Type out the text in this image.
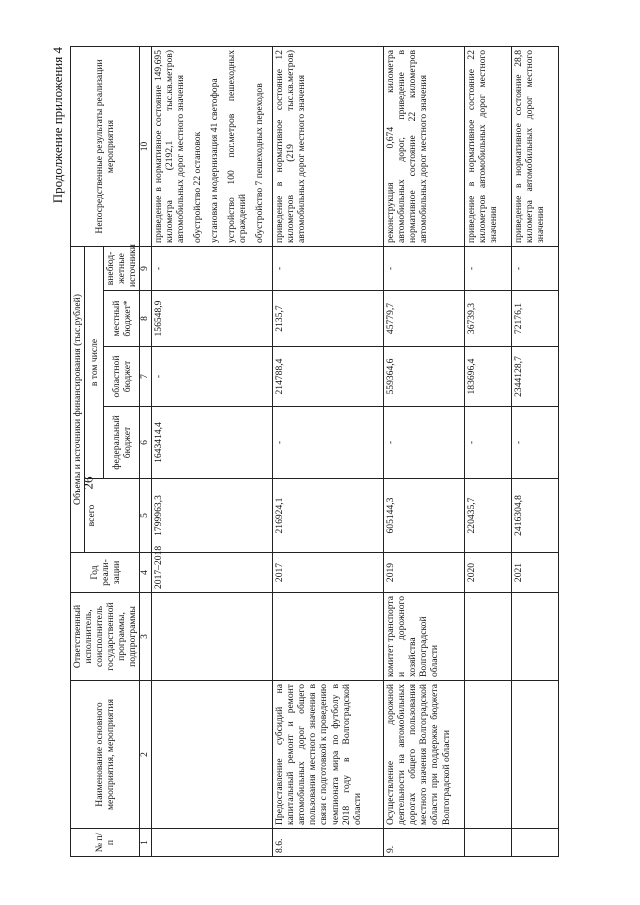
26
Продолжение приложения 4
№ п/п	Наименование основного мероприятия, мероприятия	Ответственный исполнитель, соисполнитель государственной программы, подпрограммы	Год реали-зации	Объемы и источники финансирования (тыс.рублей)					Непосредственные результаты реализации мероприятия
				всего	в том числе				
					федеральный бюджет	областной бюджет	местный бюджет*	внебюд-жетные источники	
1	2	3	4	5	6	7	8	9	10
			2017–2018	1799963,3	1643414,4	-	156548,9	-	приведение в нормативное состояние 149,695 километра (2192,1 тыс.кв.метров) автомобильных дорог местного значения обустройство 22 остановок установка и модернизация 41 светофора устройство 100 пог.метров пешеходных ограждений обустройство 7 пешеходных переходов

8.6.	Предоставление субсидий на капитальный ремонт и ремонт автомобильных дорог общего пользования местного значения в связи с подготовкой к проведению чемпионата мира по футболу в 2018 году в Волгоградской области		2017	216924,1	-	214788,4	2135,7	-	приведение в нормативное состояние 12 километров (219 тыс.кв.метров) автомобильных дорог местного значения

9.	Осуществление дорожной деятельности на автомобильных дорогах общего пользования местного значения Волгоградской области при поддержке бюджета Волгоградской области	комитет транспорта и дорожного хозяйства Волгоградской области	2019	605144,3	-	559364,6	45779,7	-	реконструкция 0,674 километра автомобильных дорог, приведение в нормативное состояние 22 километров автомобильных дорог местного значения

			2020	220435,7	-	183696,4	36739,3	-	приведение в нормативное состояние 22 километров автомобильных дорог местного значения

			2021	2416304,8	-	2344128,7	72176,1	-	приведение в нормативное состояние 28,8 километра автомобильных дорог местного значения
